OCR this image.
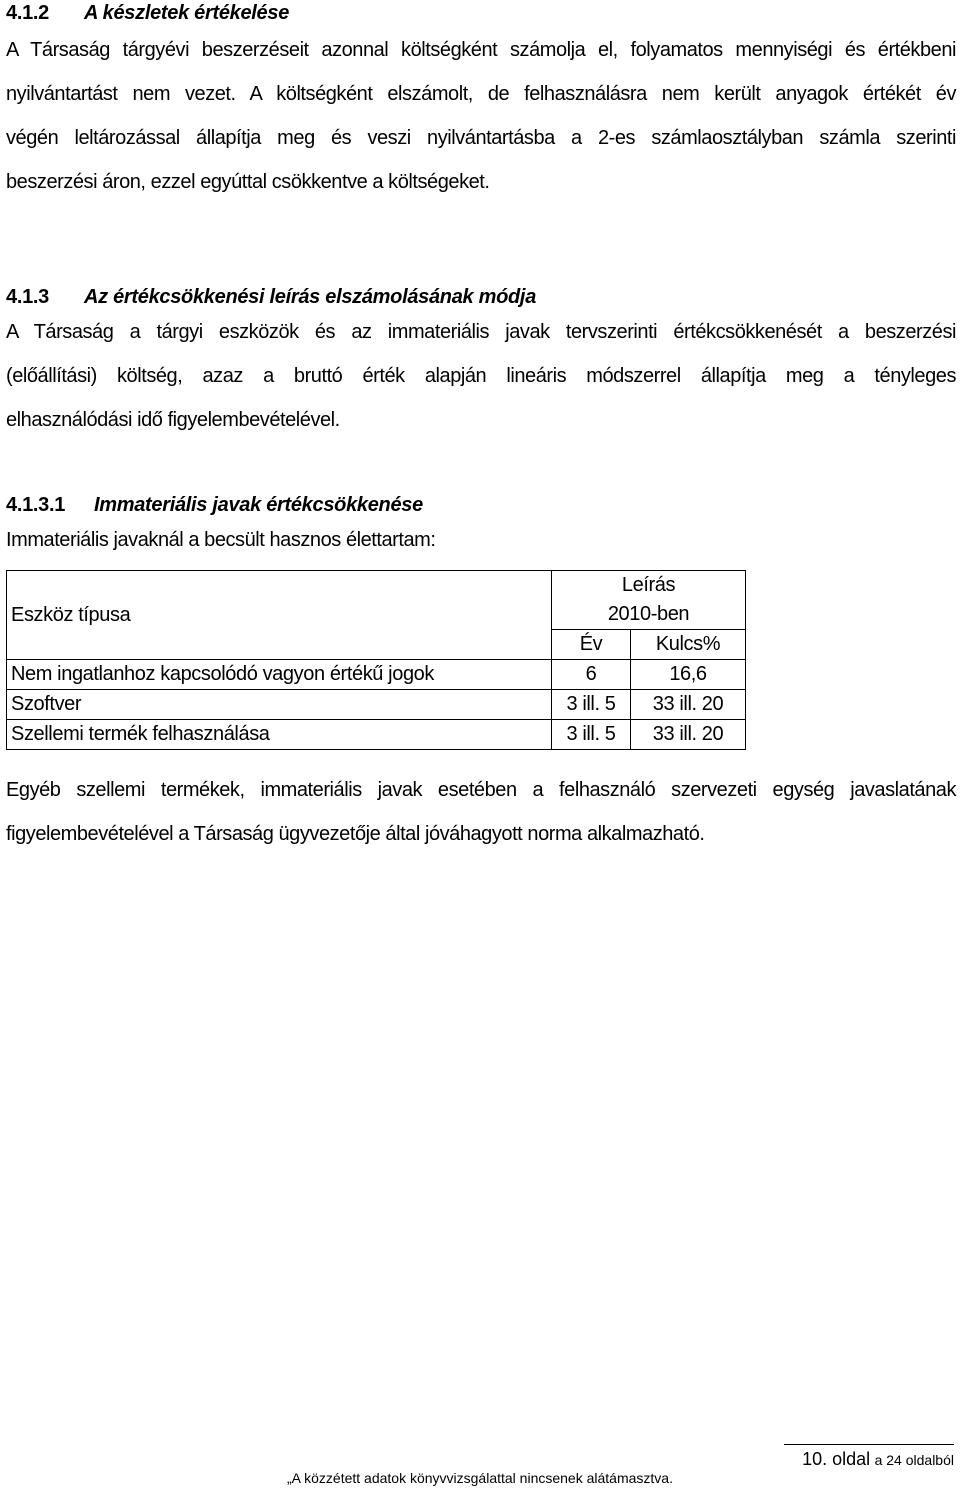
4.1.2 A készletek értékelése
A Társaság tárgyévi beszerzéseit azonnal költségként számolja el, folyamatos mennyiségi és értékbeni
nyilvántartást nem vezet. A költségként elszámolt, de felhasználásra nem került anyagok értékét év
végén leltározással állapítja meg és veszi nyilvántartásba a 2-es számlaosztályban számla szerinti
beszerzési áron, ezzel egyúttal csökkentve a költségeket.
4.1.3 Az értékcsökkenési leírás elszámolásának módja
A Társaság a tárgyi eszközök és az immateriális javak tervszerinti értékcsökkenését a beszerzési
(előállítási) költség, azaz a bruttó érték alapján lineáris módszerrel állapítja meg a tényleges
elhasználódási idő figyelembevételével.
4.1.3.1 Immateriális javak értékcsökkenése
Immateriális javaknál a becsült hasznos élettartam:
Eszköz típusa	Leírás
2010-ben	
	Év	Kulcs%
Nem ingatlanhoz kapcsolódó vagyon értékű jogok	6	16,6
Szoftver	3 ill. 5	33 ill. 20
Szellemi termék felhasználása	3 ill. 5	33 ill. 20
Egyéb szellemi termékek, immateriális javak esetében a felhasználó szervezeti egység javaslatának
figyelembevételével a Társaság ügyvezetője által jóváhagyott norma alkalmazható.
10. oldal a 24 oldalból
„A közzétett adatok könyvvizsgálattal nincsenek alátámasztva.
